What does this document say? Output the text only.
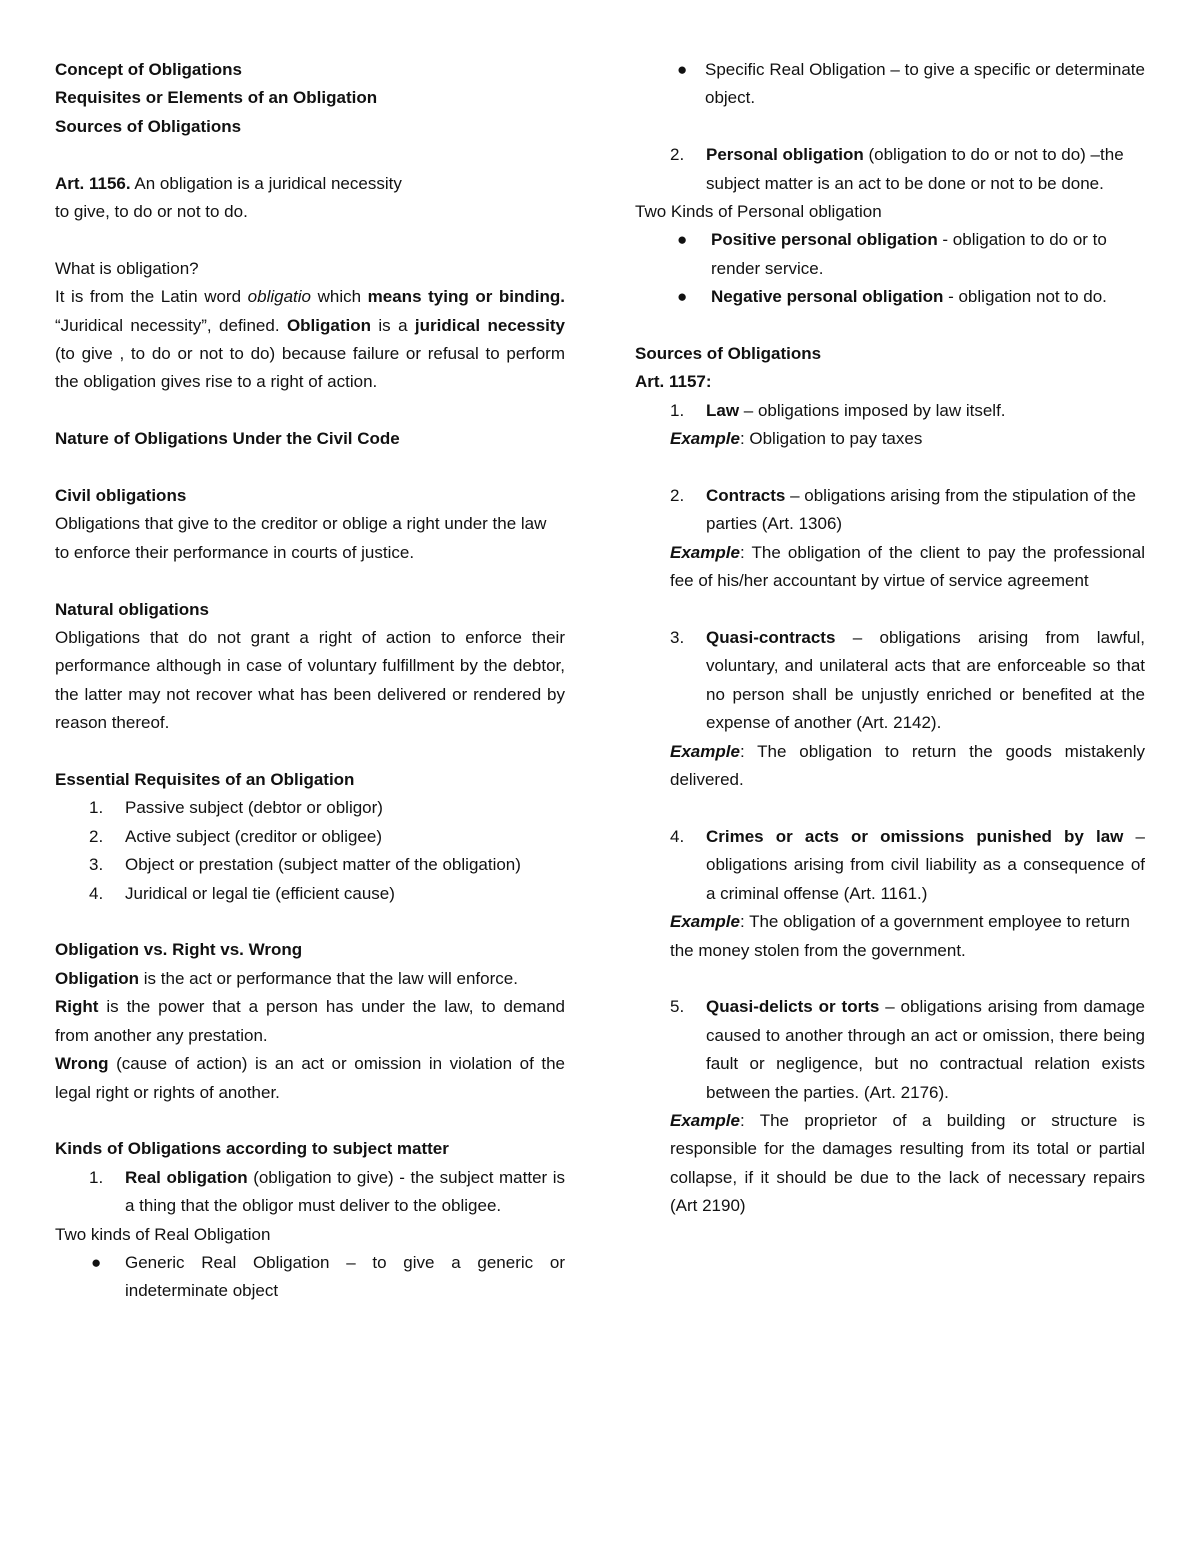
Concept of Obligations

Requisites or Elements of an Obligation

Sources of Obligations

Art. 1156. An obligation is a juridical necessity

to give, to do or not to do.

What is obligation?

It is from the Latin word obligatio which means tying or binding. “Juridical necessity”, defined. Obligation is a juridical necessity (to give , to do or not to do) because failure or refusal to perform the obligation gives rise to a right of action.

Nature of Obligations Under the Civil Code

Civil obligations

Obligations that give to the creditor or oblige a right under the law to enforce their performance in courts of justice.

Natural obligations

Obligations that do not grant a right of action to enforce their performance although in case of voluntary fulfillment by the debtor, the latter may not recover what has been delivered or rendered by reason thereof.

Essential Requisites of an Obligation

1. Passive subject (debtor or obligor)
2. Active subject (creditor or obligee)
3. Object or prestation (subject matter of the obligation)
4. Juridical or legal tie (efficient cause)

Obligation vs. Right vs. Wrong

Obligation is the act or performance that the law will enforce.

Right is the power that a person has under the law, to demand from another any prestation.

Wrong (cause of action) is an act or omission in violation of the legal right or rights of another.

Kinds of Obligations according to subject matter

1. Real obligation (obligation to give) - the subject matter is a thing that the obligor must deliver to the obligee.

Two kinds of Real Obligation

● Generic Real Obligation – to give a generic or indeterminate object
● Specific Real Obligation – to give a specific or determinate object.
2. Personal obligation (obligation to do or not to do) –the subject matter is an act to be done or not to be done.

Two Kinds of Personal obligation

● Positive personal obligation - obligation to do or to render service.
● Negative personal obligation - obligation not to do.

Sources of Obligations

Art. 1157:

1. Law – obligations imposed by law itself.

Example: Obligation to pay taxes

2. Contracts – obligations arising from the stipulation of the parties (Art. 1306)

Example: The obligation of the client to pay the professional fee of his/her accountant by virtue of service agreement

3. Quasi-contracts – obligations arising from lawful, voluntary, and unilateral acts that are enforceable so that no person shall be unjustly enriched or benefited at the expense of another (Art. 2142).

Example: The obligation to return the goods mistakenly delivered.

4. Crimes or acts or omissions punished by law – obligations arising from civil liability as a consequence of a criminal offense (Art. 1161.)

Example: The obligation of a government employee to return the money stolen from the government.

5. Quasi-delicts or torts – obligations arising from damage caused to another through an act or omission, there being fault or negligence, but no contractual relation exists between the parties. (Art. 2176).

Example: The proprietor of a building or structure is responsible for the damages resulting from its total or partial collapse, if it should be due to the lack of necessary repairs (Art 2190)
